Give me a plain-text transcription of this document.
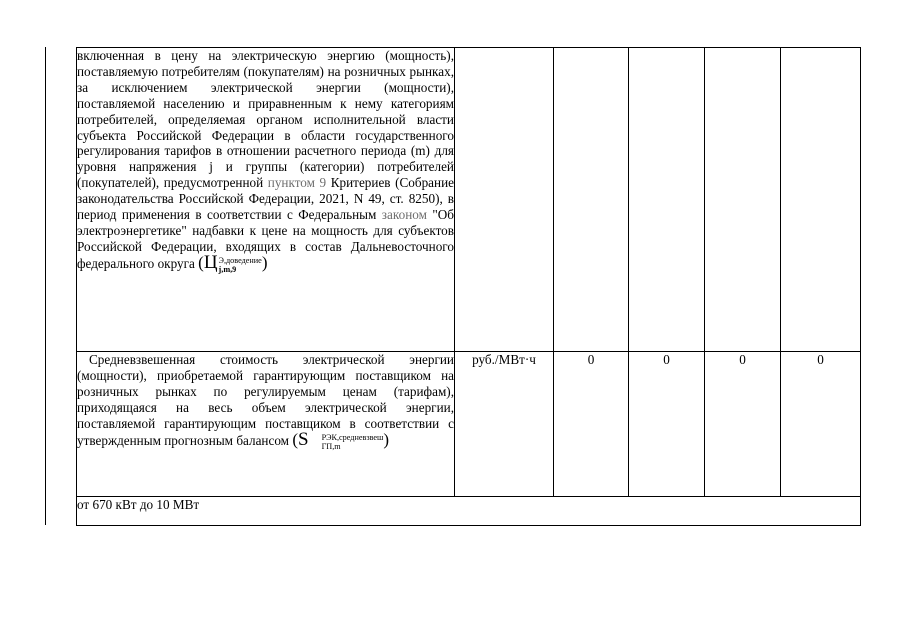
включенная в цену на электрическую энергию (мощность), поставляемую потребителям (покупателям) на розничных рынках, за исключением электрической энергии (мощности), поставляемой населению и приравненным к нему категориям потребителей, определяемая органом исполнительной власти субъекта Российской Федерации в области государственного регулирования тарифов в отношении расчетного периода (m) для уровня напряжения j и группы (категории) потребителей (покупателей), предусмотренной пунктом 9 Критериев (Собрание законодательства Российской Федерации, 2021, N 49, ст. 8250), в период применения в соответствии с Федеральным законом "Об электроэнергетике" надбавки к цене на мощность для субъектов Российской Федерации, входящих в состав Дальневосточного федерального округа (Ц Э,доведение
j,m,9 )					
Средневзвешенная стоимость электрической энергии (мощности), приобретаемой гарантирующим поставщиком на розничных рынках по регулируемым ценам (тарифам), приходящаяся на весь объем электрической энергии, поставляемой гарантирующим поставщиком в соответствии с утвержденным прогнозным балансом (S РЭК,средневзвеш
ГП,m )	руб./МВт·ч	0	0	0	0
от 670 кВт до 10 МВт					
